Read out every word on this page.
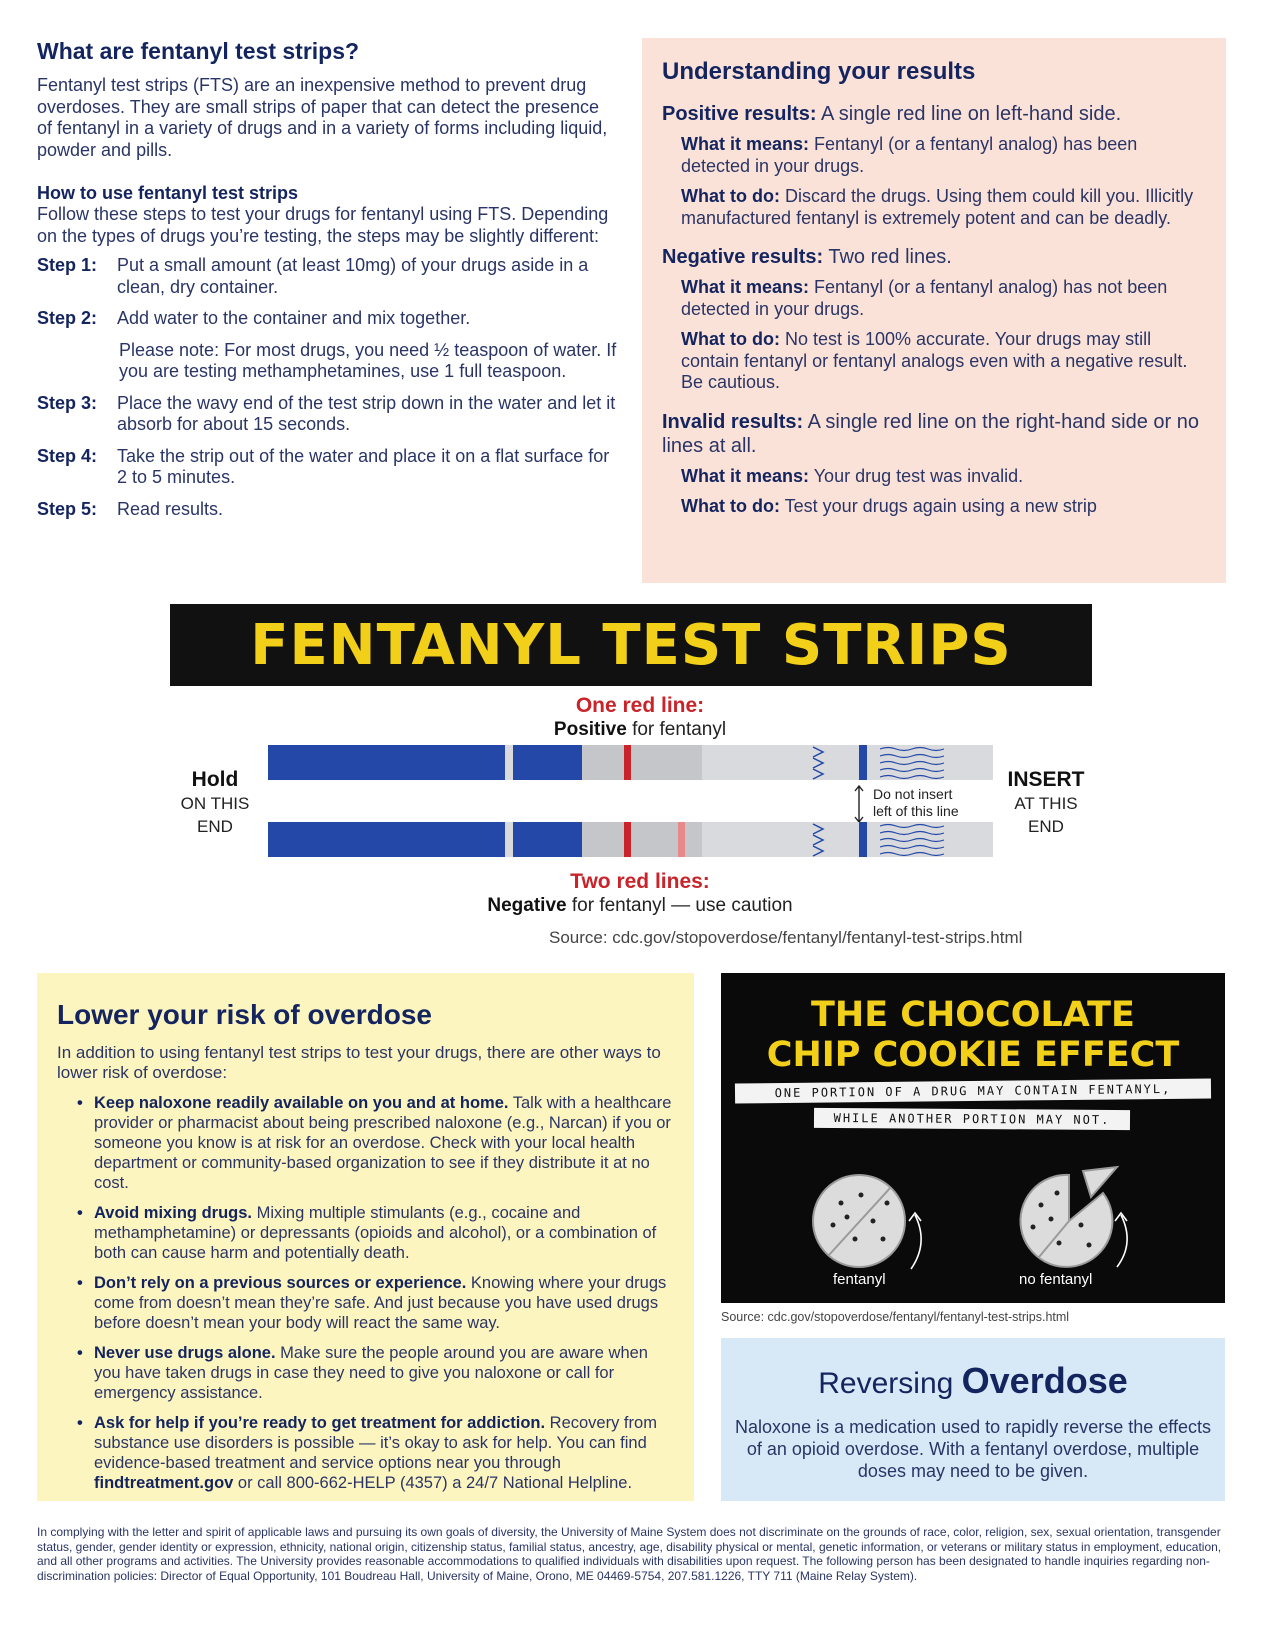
What are fentanyl test strips?

Fentanyl test strips (FTS) are an inexpensive method to prevent drug overdoses. They are small strips of paper that can detect the presence of fentanyl in a variety of drugs and in a variety of forms including liquid, powder and pills.

How to use fentanyl test strips

Follow these steps to test your drugs for fentanyl using FTS. Depending on the types of drugs you’re testing, the steps may be slightly different:

Step 1:	Put a small amount (at least 10mg) of your drugs aside in a clean, dry container.
Step 2:	Add water to the container and mix together.

Please note: For most drugs, you need ½ teaspoon of water. If you are testing methamphetamines, use 1 full teaspoon.

Step 3:	Place the wavy end of the test strip down in the water and let it absorb for about 15 seconds.
Step 4:	Take the strip out of the water and place it on a flat surface for 2 to 5 minutes.
Step 5:	Read results.
Understanding your results
Positive results: A single red line on left-hand side.
What it means: Fentanyl (or a fentanyl analog) has been detected in your drugs.
What to do: Discard the drugs. Using them could kill you. Illicitly manufactured fentanyl is extremely potent and can be deadly.
Negative results: Two red lines.
What it means: Fentanyl (or a fentanyl analog) has not been detected in your drugs.
What to do: No test is 100% accurate. Your drugs may still contain fentanyl or fentanyl analogs even with a negative result. Be cautious.
Invalid results: A single red line on the right-hand side or no lines at all.
What it means: Your drug test was invalid.
What to do: Test your drugs again using a new strip
FENTANYL TEST STRIPS
One red line:
Positive for fentanyl
Hold
ON THIS
END
INSERT
AT THIS
END
Do not insert
left of this line
Two red lines:
Negative for fentanyl — use caution
Source: cdc.gov/stopoverdose/fentanyl/fentanyl-test-strips.html
Lower your risk of overdose

In addition to using fentanyl test strips to test your drugs, there are other ways to lower risk of overdose:

• Keep naloxone readily available on you and at home. Talk with a healthcare provider or pharmacist about being prescribed naloxone (e.g., Narcan) if you or someone you know is at risk for an overdose. Check with your local health department or community-based organization to see if they distribute it at no cost.
• Avoid mixing drugs. Mixing multiple stimulants (e.g., cocaine and methamphetamine) or depressants (opioids and alcohol), or a combination of both can cause harm and potentially death.
• Don’t rely on a previous sources or experience. Knowing where your drugs come from doesn’t mean they’re safe. And just because you have used drugs before doesn’t mean your body will react the same way.
• Never use drugs alone. Make sure the people around you are aware when you have taken drugs in case they need to give you naloxone or call for emergency assistance.
• Ask for help if you’re ready to get treatment for addiction. Recovery from substance use disorders is possible — it’s okay to ask for help. You can find evidence-based treatment and service options near you through findtreatment.gov or call 800-662-HELP (4357) a 24/7 National Helpline.
THE CHOCOLATE
CHIP COOKIE EFFECT
ONE PORTION OF A DRUG MAY CONTAIN FENTANYL,
WHILE ANOTHER PORTION MAY NOT.
fentanyl	no fentanyl
Source: cdc.gov/stopoverdose/fentanyl/fentanyl-test-strips.html
Reversing Overdose

Naloxone is a medication used to rapidly reverse the effects of an opioid overdose. With a fentanyl overdose, multiple doses may need to be given.

In complying with the letter and spirit of applicable laws and pursuing its own goals of diversity, the University of Maine System does not discriminate on the grounds of race, color, religion, sex, sexual orientation, transgender status, gender, gender identity or expression, ethnicity, national origin, citizenship status, familial status, ancestry, age, disability physical or mental, genetic information, or veterans or military status in employment, education, and all other programs and activities. The University provides reasonable accommodations to qualified individuals with disabilities upon request. The following person has been designated to handle inquiries regarding non-discrimination policies: Director of Equal Opportunity, 101 Boudreau Hall, University of Maine, Orono, ME 04469-5754, 207.581.1226, TTY 711 (Maine Relay System).
